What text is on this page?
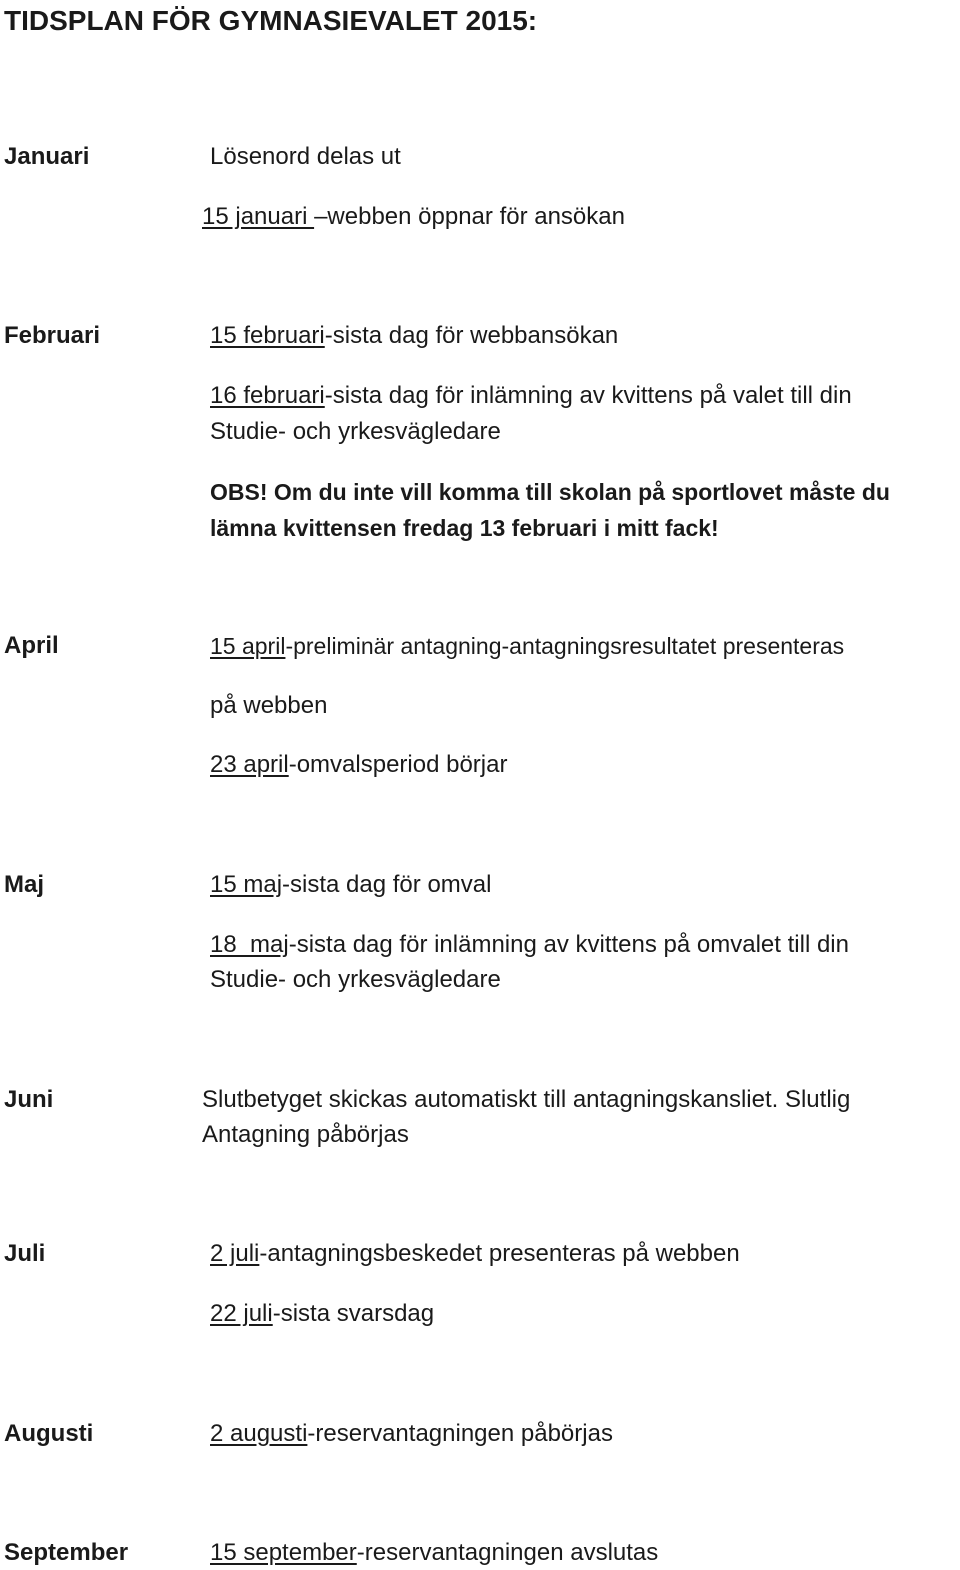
TIDSPLAN FÖR GYMNASIEVALET 2015:
Januari	Lösenord delas ut
15 januari –webben öppnar för ansökan
Februari	15 februari-sista dag för webbansökan
16 februari-sista dag för inlämning av kvittens på valet till din
Studie- och yrkesvägledare
OBS! Om du inte vill komma till skolan på sportlovet måste du
lämna kvittensen fredag 13 februari i mitt fack!
April	15 april-preliminär antagning-antagningsresultatet presenteras
på webben
23 april-omvalsperiod börjar
Maj	15 maj-sista dag för omval
18  maj-sista dag för inlämning av kvittens på omvalet till din
Studie- och yrkesvägledare
Juni	Slutbetyget skickas automatiskt till antagningskansliet. Slutlig
Antagning påbörjas
Juli	2 juli-antagningsbeskedet presenteras på webben
22 juli-sista svarsdag
Augusti	2 augusti-reservantagningen påbörjas
September	15 september-reservantagningen avslutas
